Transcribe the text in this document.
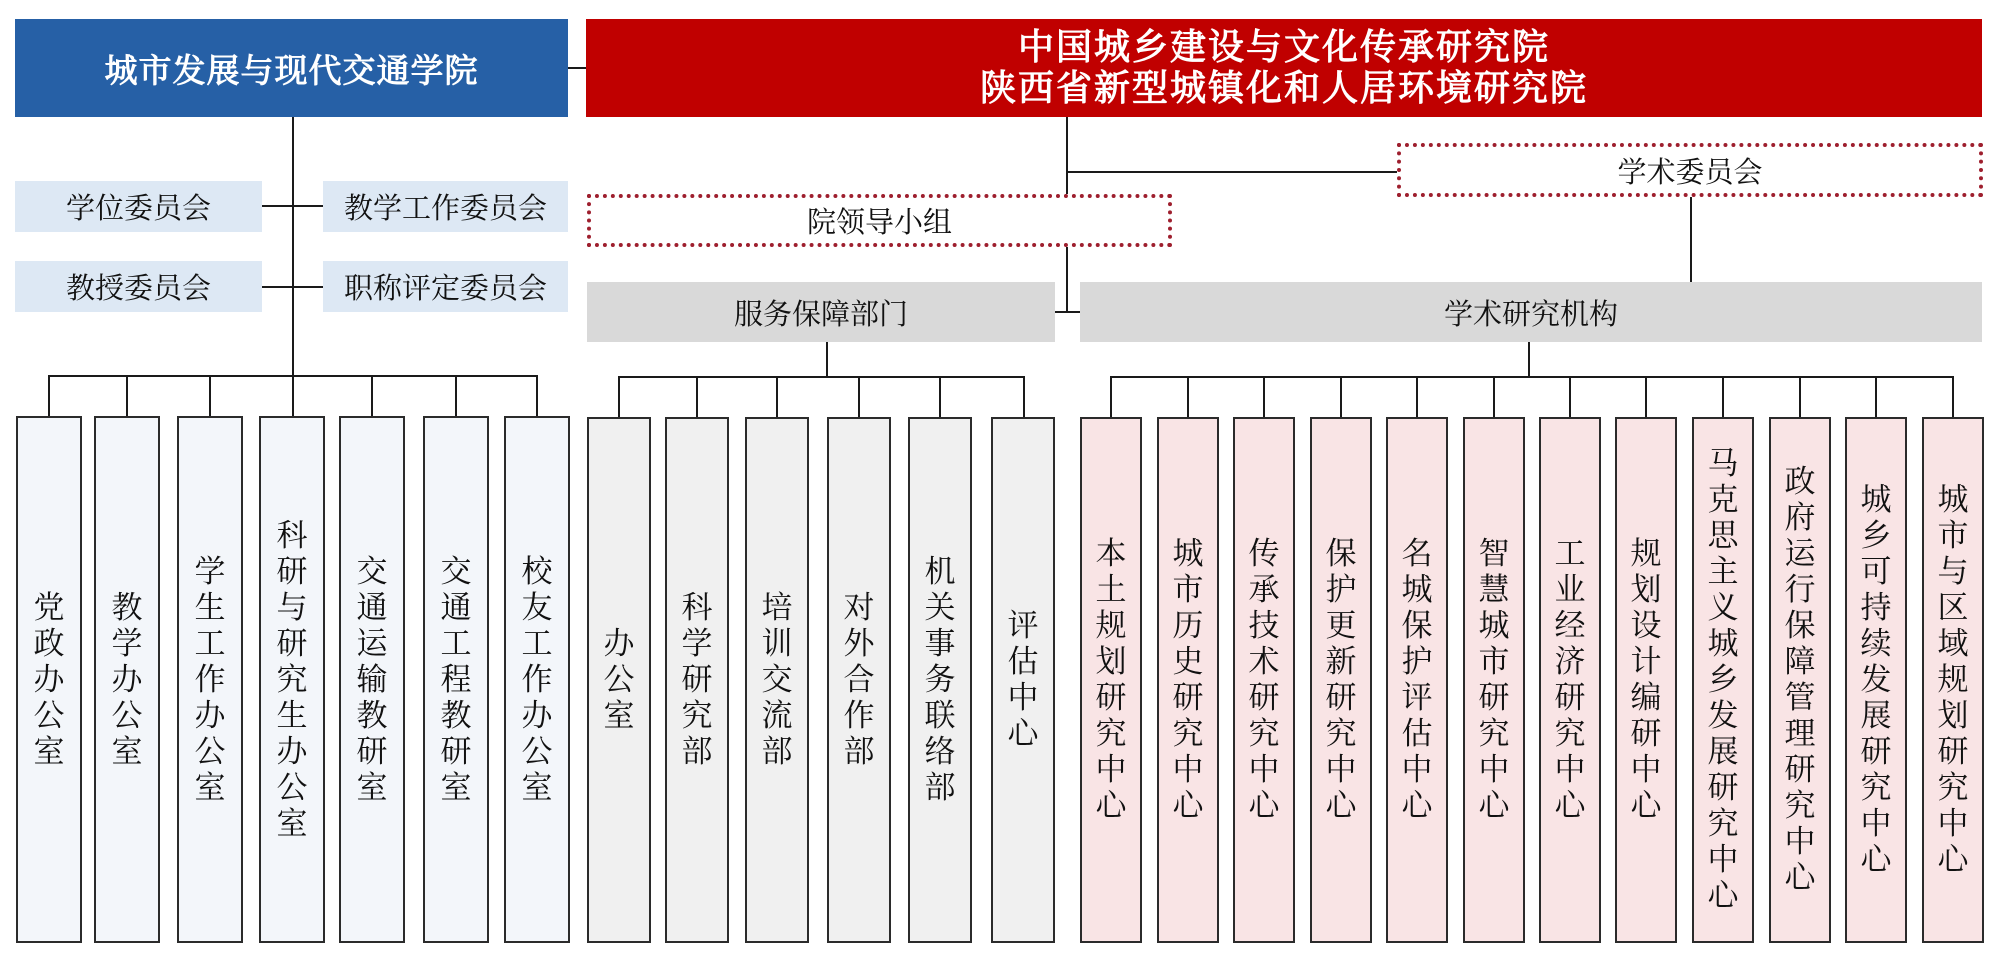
城市发展与现代交通学院
中国城乡建设与文化传承研究院
陕西省新型城镇化和人居环境研究院
学位委员会	教学工作委员会
教授委员会	职称评定委员会
党政办公室
教学办公室
学生工作办公室
科研与研究生办公室
交通运输教研室
交通工程教研室
校友工作办公室
院领导小组
学术委员会
服务保障部门	学术研究机构
办公室
科学研究部
培训交流部
对外合作部
机关事务联络部
评估中心
本土规划研究中心
城市历史研究中心
传承技术研究中心
保护更新研究中心
名城保护评估中心
智慧城市研究中心
工业经济研究中心
规划设计编研中心
马克思主义城乡发展研究中心
政府运行保障管理研究中心
城乡可持续发展研究中心
城市与区域规划研究中心
